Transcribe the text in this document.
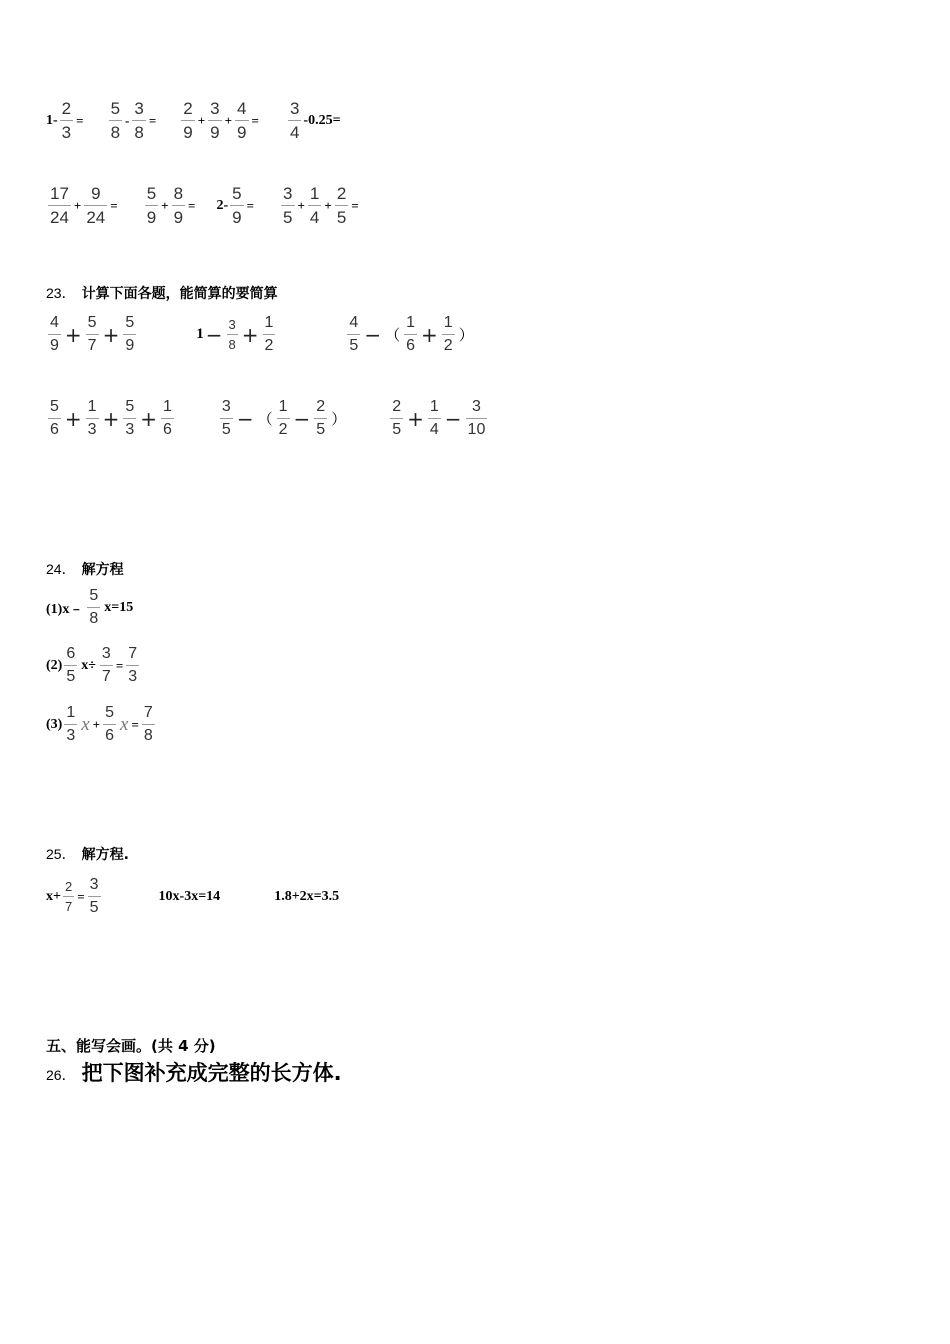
$1- \frac{2}{3} = \frac{5}{8} - \frac{3}{8} = \frac{2}{9} + \frac{3}{9} + \frac{4}{9} = \frac{3}{4} -0.25=$
$\frac{17}{24} + \frac{9}{24} = \frac{5}{9} + \frac{8}{9} = 2- \frac{5}{9} = \frac{3}{5} + \frac{1}{4} + \frac{2}{5}$ =
23． 计算下面各题，能简算的要简算
$\frac{4}{9} + \frac{5}{7} + \frac{5}{9}$	$1 - \frac{3}{8} + \frac{1}{2}$	$\frac{4}{5}$ − （ $\frac{1}{6} + \frac{1}{2}$ ）
$\frac{5}{6} + \frac{1}{3} + \frac{5}{3} + \frac{1}{6}$	$\frac{3}{5}$ − （ $\frac{1}{2} - \frac{2}{5}$ ）	$\frac{2}{5} + \frac{1}{4} - \frac{3}{10}$
24． 解方程
(1)x﹣ $\frac{5}{8} x=15$
$(2) \frac{6}{5} x\div \frac{3}{7} = \frac{7}{3}$
$(3) \frac{1}{3}$ $x + \frac{5}{6}$ $x = \frac{7}{8}$
25． 解方程.
$x+ \frac{2}{7} = \frac{3}{5}$	10x-3x=14	1.8+2x=3.5
五、能写会画。(共 4 分)
26． 把下图补充成完整的长方体.
